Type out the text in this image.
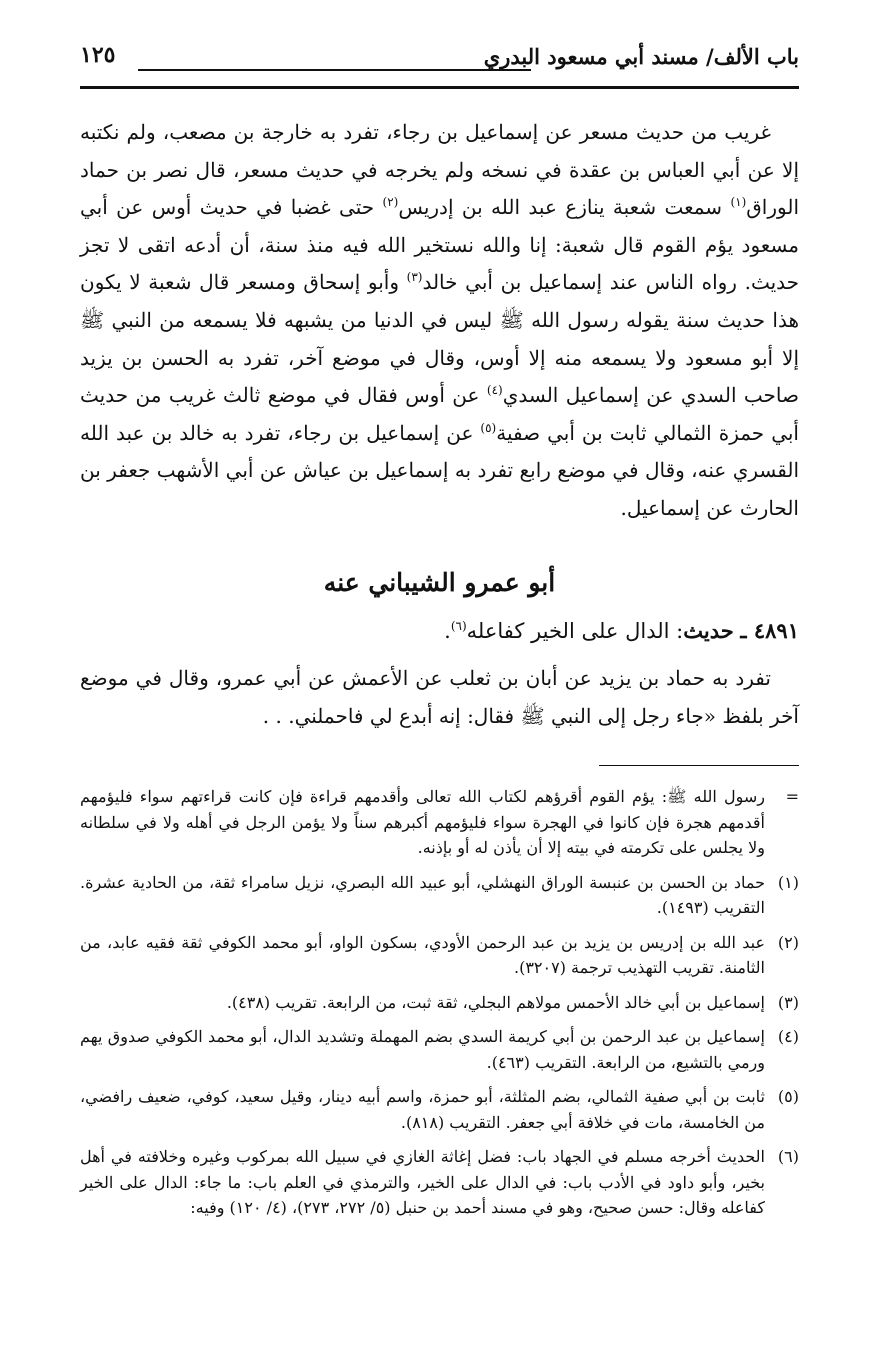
باب الألف/ مسند أبي مسعود البدري
١٢٥

غريب من حديث مسعر عن إسماعيل بن رجاء، تفرد به خارجة بن مصعب، ولم نكتبه إلا عن أبي العباس بن عقدة في نسخه ولم يخرجه في حديث مسعر، قال نصر بن حماد الوراق$^{(١)}$ سمعت شعبة ينازع عبد الله بن إدريس$^{(٢)}$ حتى غضبا في حديث أوس عن أبي مسعود يؤم القوم قال شعبة: إنا والله نستخير الله فيه منذ سنة، أن أدعه اتقى لا تجز حديث. رواه الناس عند إسماعيل بن أبي خالد$^{(٣)}$ وأبو إسحاق ومسعر قال شعبة لا يكون هذا حديث سنة يقوله رسول الله ﷺ ليس في الدنيا من يشبهه فلا يسمعه من النبي ﷺ إلا أبو مسعود ولا يسمعه منه إلا أوس، وقال في موضع آخر، تفرد به الحسن بن يزيد صاحب السدي عن إسماعيل السدي$^{(٤)}$ عن أوس فقال في موضع ثالث غريب من حديث أبي حمزة الثمالي ثابت بن أبي صفية$^{(٥)}$ عن إسماعيل بن رجاء، تفرد به خالد بن عبد الله القسري عنه، وقال في موضع رابع تفرد به إسماعيل بن عياش عن أبي الأشهب جعفر بن الحارث عن إسماعيل.

أبو عمرو الشيباني عنه
٤٨٩١ ـ حديث: الدال على الخير كفاعله$^{(٦)}$.

تفرد به حماد بن يزيد عن أبان بن ثعلب عن الأعمش عن أبي عمرو، وقال في موضع آخر بلفظ «جاء رجل إلى النبي ﷺ فقال: إنه أبدع لي فاحملني. . .

=
رسول الله ﷺ: يؤم القوم أقرؤهم لكتاب الله تعالى وأقدمهم قراءة فإن كانت قراءتهم سواء فليؤمهم أقدمهم هجرة فإن كانوا في الهجرة سواء فليؤمهم أكبرهم سناً ولا يؤمن الرجل في أهله ولا في سلطانه ولا يجلس على تكرمته في بيته إلا أن يأذن له أو بإذنه.
(١)
حماد بن الحسن بن عنبسة الوراق النهشلي، أبو عبيد الله البصري، نزيل سامراء ثقة، من الحادية عشرة. التقريب (١٤٩٣).
(٢)
عبد الله بن إدريس بن يزيد بن عبد الرحمن الأودي، بسكون الواو، أبو محمد الكوفي ثقة فقيه عابد، من الثامنة. تقريب التهذيب ترجمة (٣٢٠٧).
(٣)
إسماعيل بن أبي خالد الأحمس مولاهم البجلي، ثقة ثبت، من الرابعة. تقريب (٤٣٨).
(٤)
إسماعيل بن عبد الرحمن بن أبي كريمة السدي بضم المهملة وتشديد الدال، أبو محمد الكوفي صدوق يهم ورمي بالتشيع، من الرابعة. التقريب (٤٦٣).
(٥)
ثابت بن أبي صفية الثمالي، بضم المثلثة، أبو حمزة، واسم أبيه دينار، وقيل سعيد، كوفي، ضعيف رافضي، من الخامسة، مات في خلافة أبي جعفر. التقريب (٨١٨).
(٦)
الحديث أخرجه مسلم في الجهاد باب: فضل إغاثة الغازي في سبيل الله بمركوب وغيره وخلافته في أهل بخير، وأبو داود في الأدب باب: في الدال على الخير، والترمذي في العلم باب: ما جاء: الدال على الخير كفاعله وقال: حسن صحيح، وهو في مسند أحمد بن حنبل (٥/ ٢٧٢، ٢٧٣)، (٤/ ١٢٠) وفيه:
